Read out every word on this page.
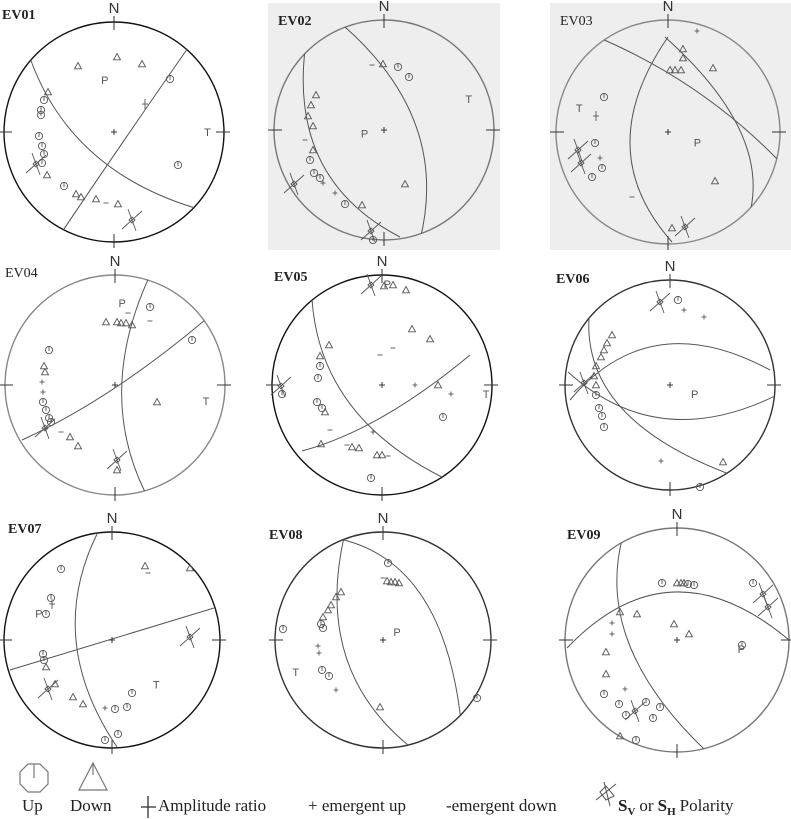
EV01	N
P
T
EV02
N
P
T
EV03
N
P
T
EV04
N
P
T
EV05
N
P
T
EV06
N
P
EV07
N
P
T
EV08
N
P
T
EV09
N
P
Up Down	Amplitude ratio + emergent up -emergent down	$S_V$ or $S_H$ Polarity
